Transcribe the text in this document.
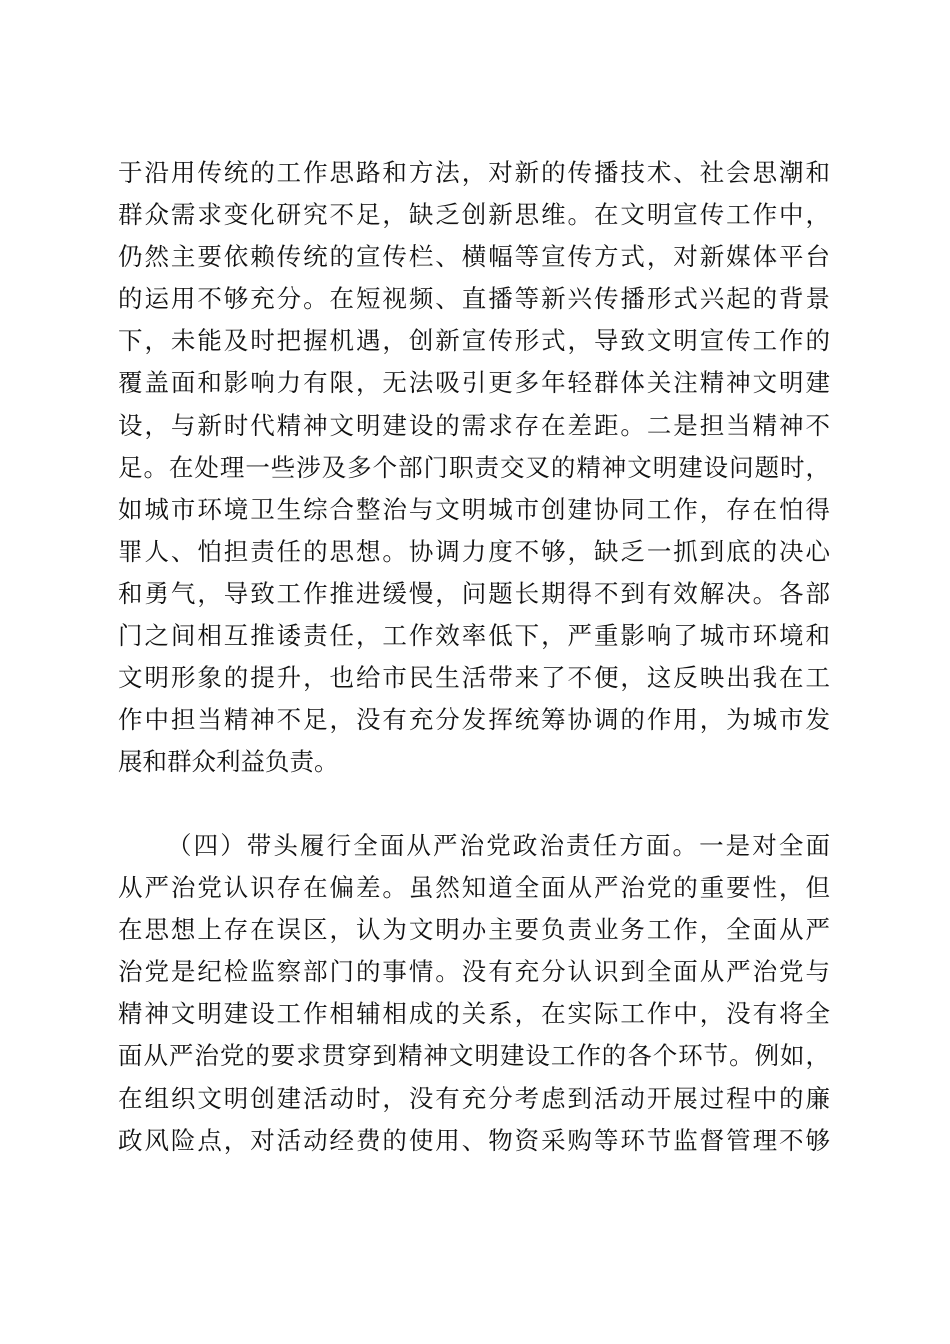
于沿用传统的工作思路和方法，对新的传播技术、社会思潮和
群众需求变化研究不足，缺乏创新思维。在文明宣传工作中，
仍然主要依赖传统的宣传栏、横幅等宣传方式，对新媒体平台
的运用不够充分。在短视频、直播等新兴传播形式兴起的背景
下，未能及时把握机遇，创新宣传形式，导致文明宣传工作的
覆盖面和影响力有限，无法吸引更多年轻群体关注精神文明建
设，与新时代精神文明建设的需求存在差距。二是担当精神不
足。在处理一些涉及多个部门职责交叉的精神文明建设问题时，
如城市环境卫生综合整治与文明城市创建协同工作，存在怕得
罪人、怕担责任的思想。协调力度不够，缺乏一抓到底的决心
和勇气，导致工作推进缓慢，问题长期得不到有效解决。各部
门之间相互推诿责任，工作效率低下，严重影响了城市环境和
文明形象的提升，也给市民生活带来了不便，这反映出我在工
作中担当精神不足，没有充分发挥统筹协调的作用，为城市发
展和群众利益负责。
（四）带头履行全面从严治党政治责任方面。一是对全面
从严治党认识存在偏差。虽然知道全面从严治党的重要性，但
在思想上存在误区，认为文明办主要负责业务工作，全面从严
治党是纪检监察部门的事情。没有充分认识到全面从严治党与
精神文明建设工作相辅相成的关系，在实际工作中，没有将全
面从严治党的要求贯穿到精神文明建设工作的各个环节。例如，
在组织文明创建活动时，没有充分考虑到活动开展过程中的廉
政风险点，对活动经费的使用、物资采购等环节监督管理不够
